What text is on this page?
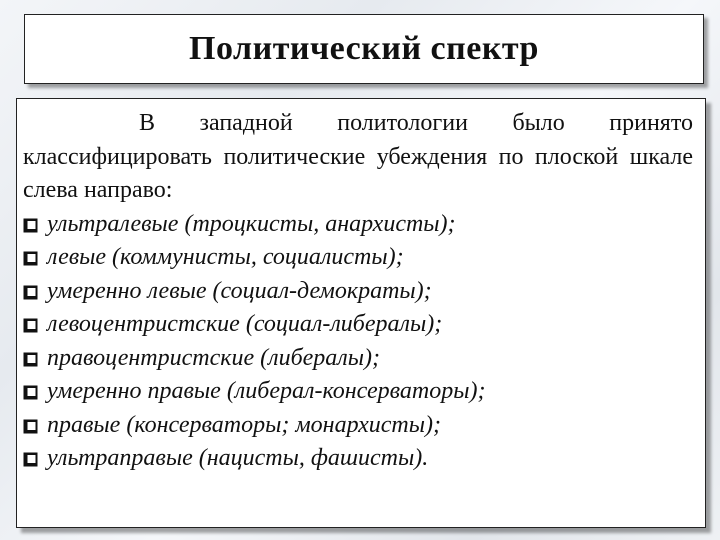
Политический спектр

В западной политологии было принято классифицировать политические убеждения по плоской шкале слева направо:

ультралевые (троцкисты, анархисты);
левые (коммунисты, социалисты);
умеренно левые (социал-демократы);
левоцентристские (социал-либералы);
правоцентристские (либералы);
умеренно правые (либерал-консерваторы);
правые (консерваторы; монархисты);
ультраправые (нацисты, фашисты).
